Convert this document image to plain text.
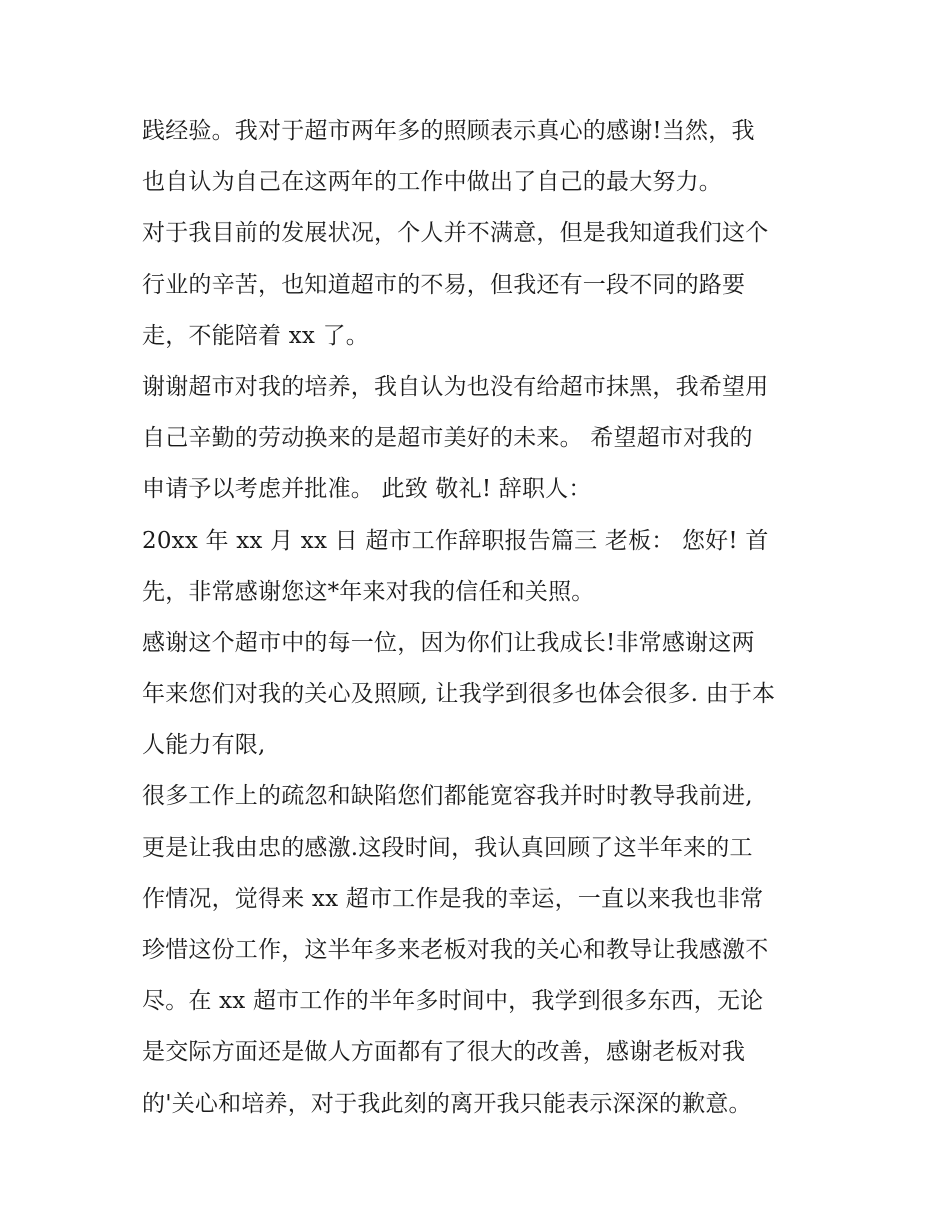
践经验。我对于超市两年多的照顾表示真心的感谢!当然，我
也自认为自己在这两年的工作中做出了自己的最大努力。
对于我目前的发展状况，个人并不满意，但是我知道我们这个
行业的辛苦，也知道超市的不易，但我还有一段不同的路要
走，不能陪着 xx 了。
谢谢超市对我的培养，我自认为也没有给超市抹黑，我希望用
自己辛勤的劳动换来的是超市美好的未来。 希望超市对我的
申请予以考虑并批准。 此致 敬礼! 辞职人：
20xx 年 xx 月 xx 日 超市工作辞职报告篇三 老板： 您好! 首
先，非常感谢您这*年来对我的信任和关照。
感谢这个超市中的每一位，因为你们让我成长!非常感谢这两
年来您们对我的关心及照顾, 让我学到很多也体会很多. 由于本
人能力有限,
很多工作上的疏忽和缺陷您们都能宽容我并时时教导我前进,
更是让我由忠的感激.这段时间，我认真回顾了这半年来的工
作情况，觉得来 xx 超市工作是我的幸运，一直以来我也非常
珍惜这份工作，这半年多来老板对我的关心和教导让我感激不
尽。在 xx 超市工作的半年多时间中，我学到很多东西，无论
是交际方面还是做人方面都有了很大的改善，感谢老板对我
的'关心和培养，对于我此刻的离开我只能表示深深的歉意。
